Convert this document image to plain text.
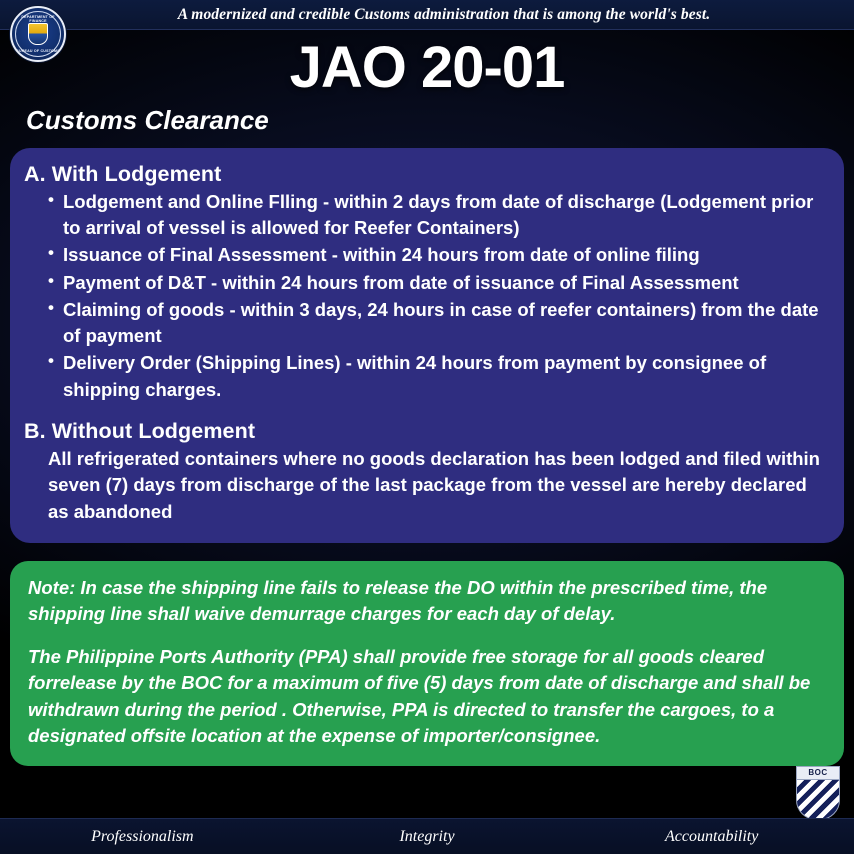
DEPARTMENT OF FINANCE
BUREAU OF CUSTOMS
A modernized and credible Customs administration that is among the world's best.
JAO 20-01
Customs Clearance
A. With Lodgement
• Lodgement and Online Flling - within 2 days from date of discharge (Lodgement prior to arrival of vessel is allowed for Reefer Containers)
• Issuance of Final Assessment - within 24 hours from date of online filing
• Payment of D&T - within 24 hours from date of issuance of Final Assessment
• Claiming of goods - within 3 days, 24 hours in case of reefer containers) from the date of payment
• Delivery Order (Shipping Lines) - within 24 hours from payment by consignee of shipping charges.
B. Without Lodgement
All refrigerated containers where no goods declaration has been lodged and filed within seven (7) days from discharge of the last package from the vessel are hereby declared as abandoned

Note: In case the shipping line fails to release the DO within the prescribed time, the shipping line shall waive demurrage charges for each day of delay.

The Philippine Ports Authority (PPA) shall provide free storage for all goods cleared forrelease by the BOC for a maximum of five (5) days from date of discharge and shall be withdrawn during the period . Otherwise, PPA is directed to transfer the cargoes, to a designated offsite location at the expense of importer/consignee.

BOC
Professionalism	Integrity	Accountability
